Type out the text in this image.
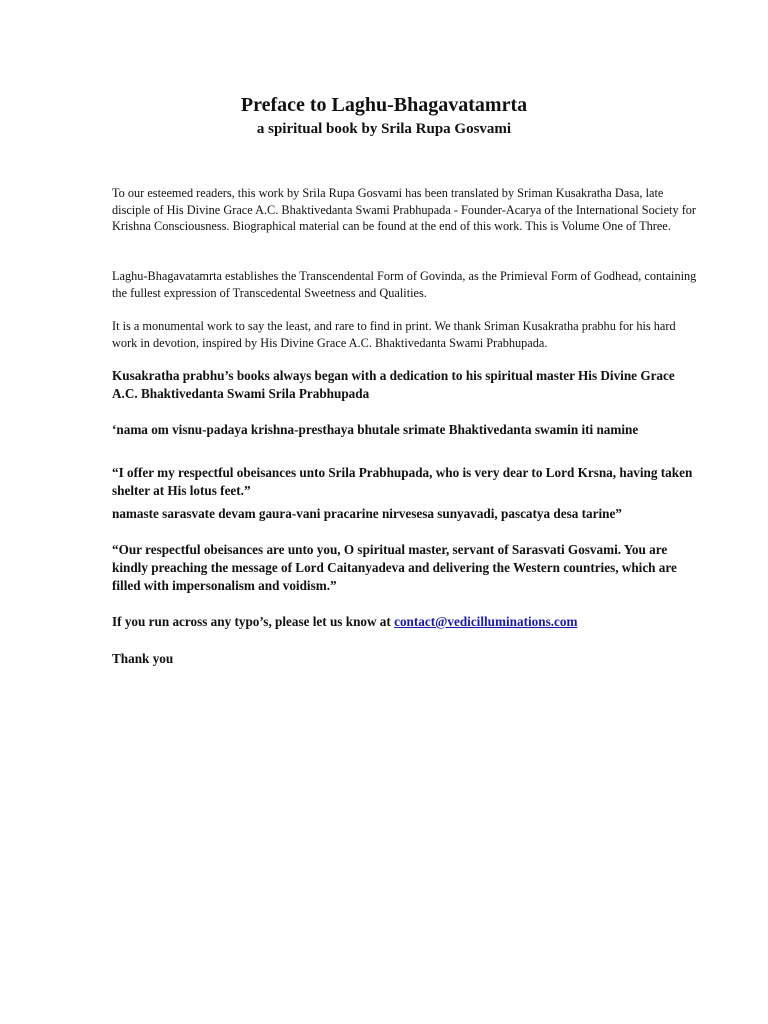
Preface to Laghu-Bhagavatamrta
a spiritual book by Srila Rupa Gosvami

To our esteemed readers, this work by Srila Rupa Gosvami has been translated by Sriman Kusakratha Dasa, late disciple of His Divine Grace A.C. Bhaktivedanta Swami Prabhupada - Founder-Acarya of the International Society for Krishna Consciousness. Biographical material can be found at the end of this work. This is Volume One of Three.

Laghu-Bhagavatamrta establishes the Transcendental Form of Govinda, as the Primieval Form of Godhead, containing the fullest expression of Transcedental Sweetness and Qualities.

It is a monumental work to say the least, and rare to find in print. We thank Sriman Kusakratha prabhu for his hard work in devotion, inspired by His Divine Grace A.C. Bhaktivedanta Swami Prabhupada.

Kusakratha prabhu’s books always began with a dedication to his spiritual master His Divine Grace A.C. Bhaktivedanta Swami Srila Prabhupada

‘nama om visnu-padaya krishna-presthaya bhutale srimate Bhaktivedanta swamin iti namine

“I offer my respectful obeisances unto Srila Prabhupada, who is very dear to Lord Krsna, having taken shelter at His lotus feet.”

namaste sarasvate devam gaura-vani pracarine nirvesesa sunyavadi, pascatya desa tarine”

“Our respectful obeisances are unto you, O spiritual master, servant of Sarasvati Gosvami. You are kindly preaching the message of Lord Caitanyadeva and delivering the Western countries, which are filled with impersonalism and voidism.”

If you run across any typo’s, please let us know at contact@vedicilluminations.com

Thank you
